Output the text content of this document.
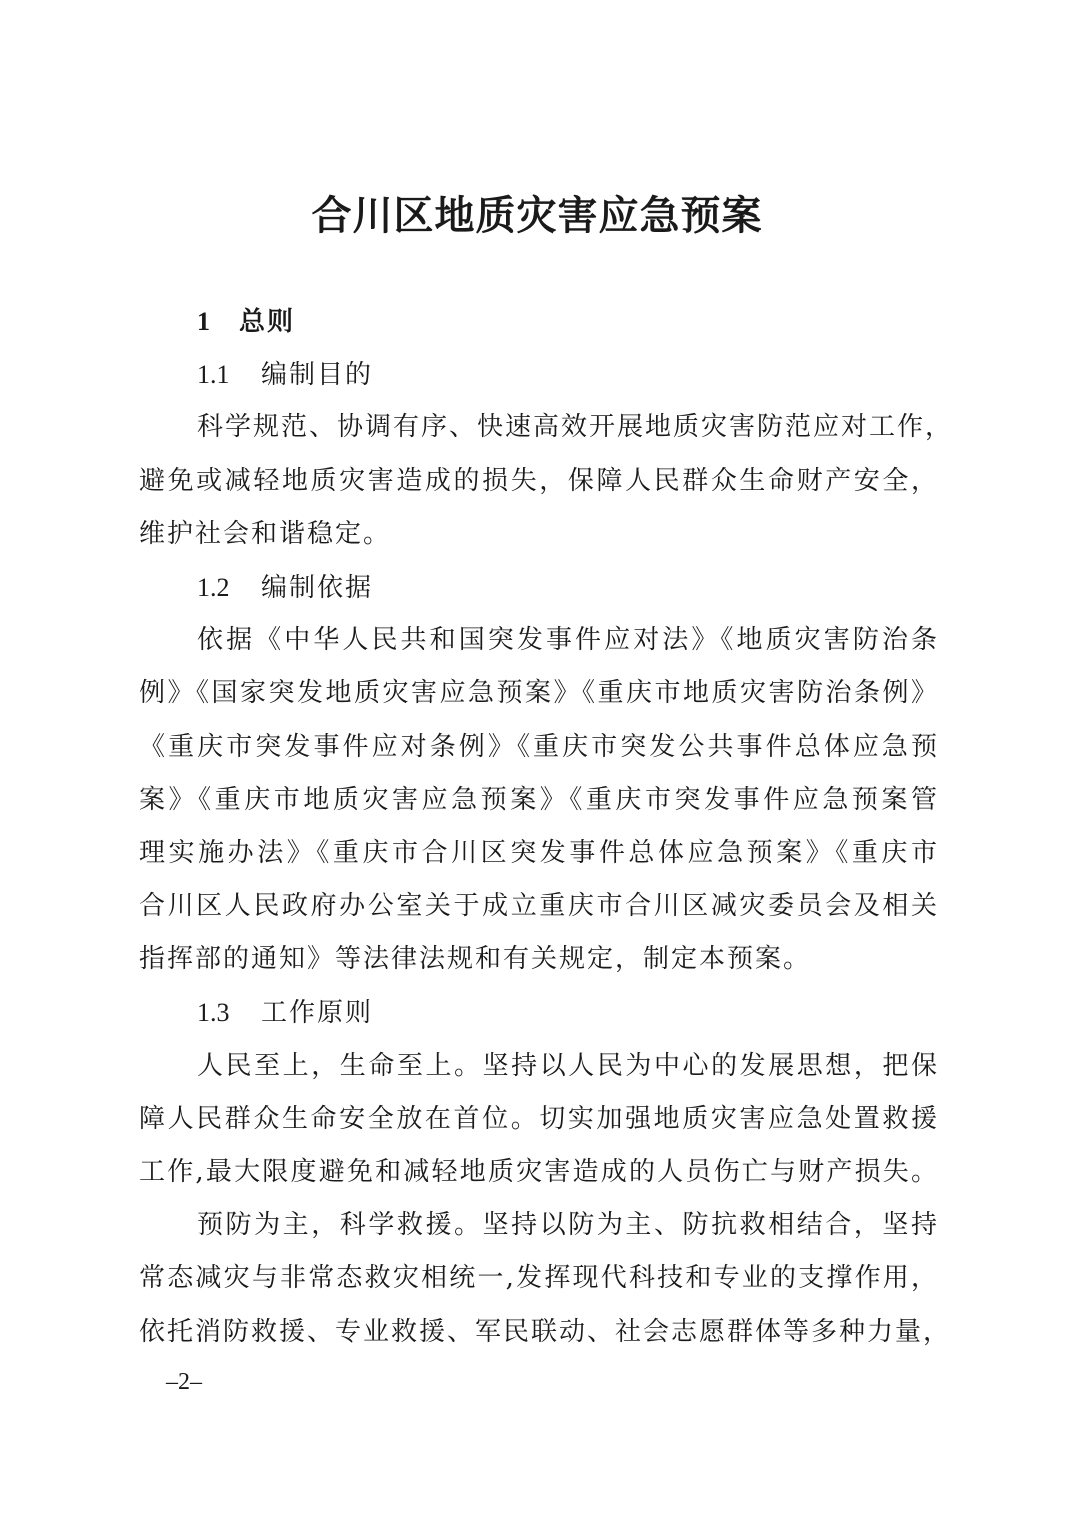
合川区地质灾害应急预案
1 总则
1.1 编制目的
科学规范、协调有序、快速高效开展地质灾害防范应对工作，
避免或减轻地质灾害造成的损失，保障人民群众生命财产安全，
维护社会和谐稳定。
1.2 编制依据
依据《中华人民共和国突发事件应对法》《地质灾害防治条
例》《国家突发地质灾害应急预案》《重庆市地质灾害防治条例》
《重庆市突发事件应对条例》《重庆市突发公共事件总体应急预
案》《重庆市地质灾害应急预案》《重庆市突发事件应急预案管
理实施办法》《重庆市合川区突发事件总体应急预案》《重庆市
合川区人民政府办公室关于成立重庆市合川区减灾委员会及相关
指挥部的通知》等法律法规和有关规定，制定本预案。
1.3 工作原则
人民至上，生命至上。坚持以人民为中心的发展思想，把保
障人民群众生命安全放在首位。切实加强地质灾害应急处置救援
工作,最大限度避免和减轻地质灾害造成的人员伤亡与财产损失。
预防为主，科学救援。坚持以防为主、防抗救相结合，坚持
常态减灾与非常态救灾相统一,发挥现代科技和专业的支撑作用，
依托消防救援、专业救援、军民联动、社会志愿群体等多种力量，
–2–
